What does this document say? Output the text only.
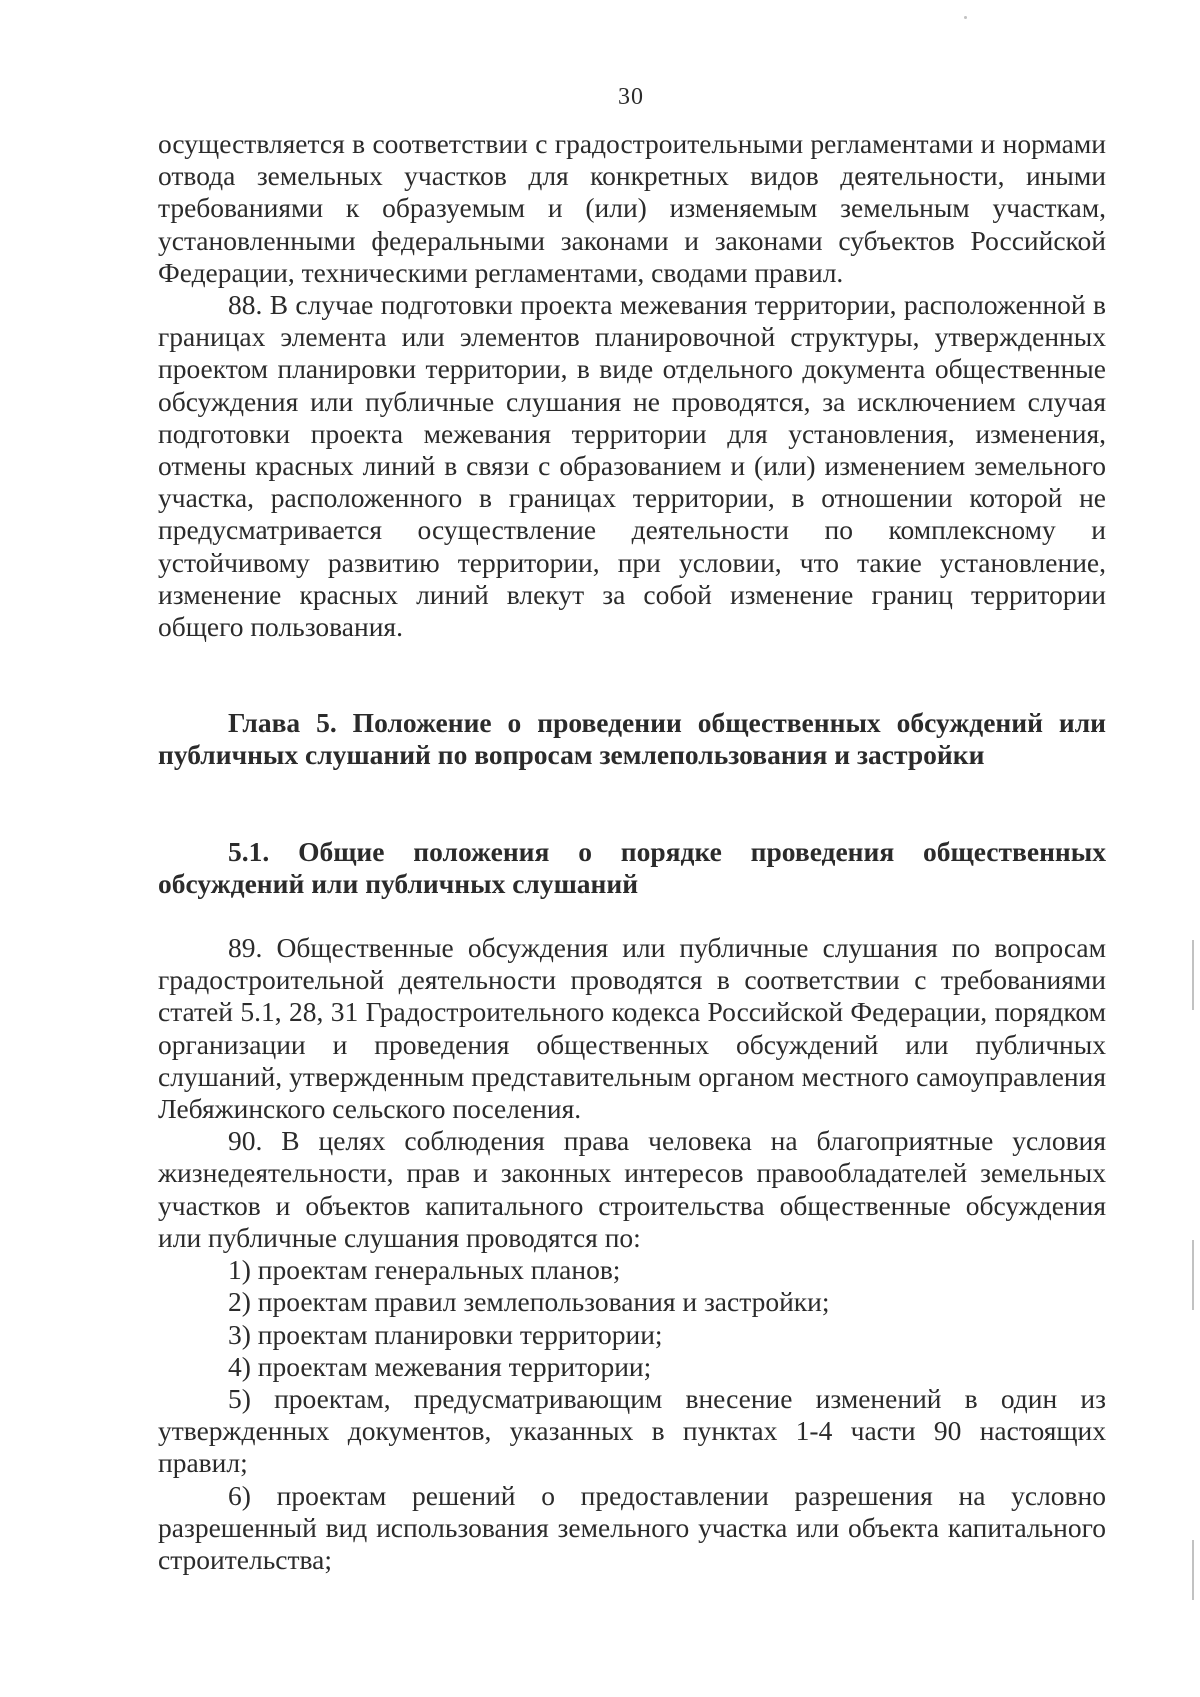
30

осуществляется в соответствии с градостроительными регламентами и нормами отвода земельных участков для конкретных видов деятельности, иными требованиями к образуемым и (или) изменяемым земельным участкам, установленными федеральными законами и законами субъектов Российской Федерации, техническими регламентами, сводами правил.

88. В случае подготовки проекта межевания территории, расположенной в границах элемента или элементов планировочной структуры, утвержденных проектом планировки территории, в виде отдельного документа общественные обсуждения или публичные слушания не проводятся, за исключением случая подготовки проекта межевания территории для установления, изменения, отмены красных линий в связи с образованием и (или) изменением земельного участка, расположенного в границах территории, в отношении которой не предусматривается осуществление деятельности по комплексному и устойчивому развитию территории, при условии, что такие установление, изменение красных линий влекут за собой изменение границ территории общего пользования.

Глава 5. Положение о проведении общественных обсуждений или публичных слушаний по вопросам землепользования и застройки

5.1. Общие положения о порядке проведения общественных обсуждений или публичных слушаний

89. Общественные обсуждения или публичные слушания по вопросам градостроительной деятельности проводятся в соответствии с требованиями статей 5.1, 28, 31 Градостроительного кодекса Российской Федерации, порядком организации и проведения общественных обсуждений или публичных слушаний, утвержденным представительным органом местного самоуправления Лебяжинского сельского поселения.

90. В целях соблюдения права человека на благоприятные условия жизнедеятельности, прав и законных интересов правообладателей земельных участков и объектов капитального строительства общественные обсуждения или публичные слушания проводятся по:

1) проектам генеральных планов;

2) проектам правил землепользования и застройки;

3) проектам планировки территории;

4) проектам межевания территории;

5) проектам, предусматривающим внесение изменений в один из утвержденных документов, указанных в пунктах 1-4 части 90 настоящих правил;

6) проектам решений о предоставлении разрешения на условно разрешенный вид использования земельного участка или объекта капитального строительства;
